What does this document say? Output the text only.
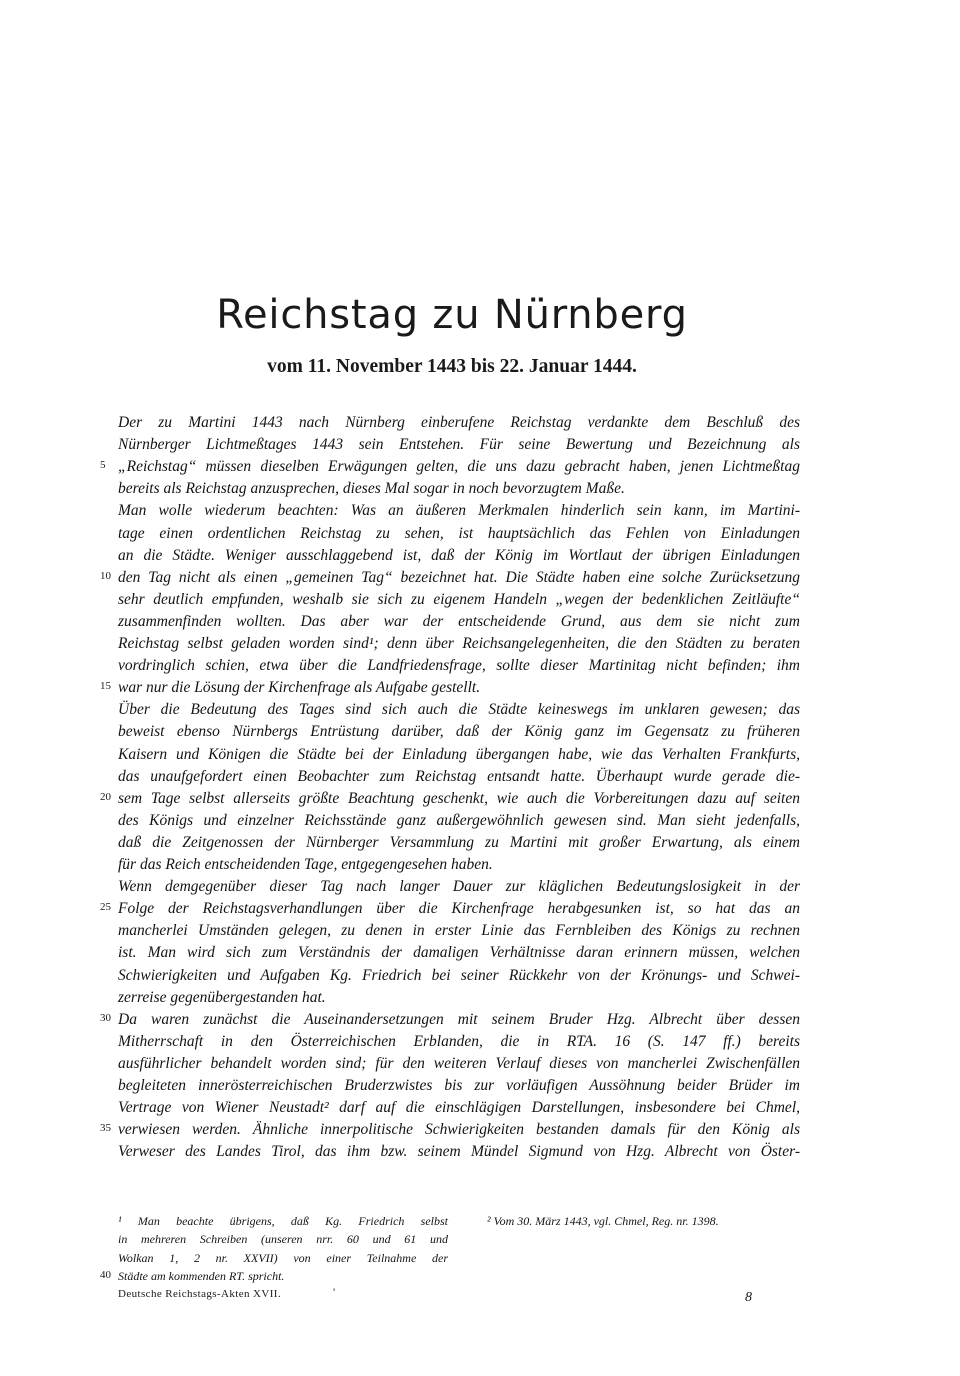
Reichstag zu Nürnberg
vom 11. November 1443 bis 22. Januar 1444.
Der zu Martini 1443 nach Nürnberg einberufene Reichstag verdankte dem Beschluß des
Nürnberger Lichtmeßtages 1443 sein Entstehen. Für seine Bewertung und Bezeichnung als
„Reichstag“ müssen dieselben Erwägungen gelten, die uns dazu gebracht haben, jenen Lichtmeßtag
5
bereits als Reichstag anzusprechen, dieses Mal sogar in noch bevorzugtem Maße.
Man wolle wiederum beachten: Was an äußeren Merkmalen hinderlich sein kann, im Martini-
tage einen ordentlichen Reichstag zu sehen, ist hauptsächlich das Fehlen von Einladungen
an die Städte. Weniger ausschlaggebend ist, daß der König im Wortlaut der übrigen Einladungen
den Tag nicht als einen „gemeinen Tag“ bezeichnet hat. Die Städte haben eine solche Zurücksetzung
10
sehr deutlich empfunden, weshalb sie sich zu eigenem Handeln „wegen der bedenklichen Zeitläufte“
zusammenfinden wollten. Das aber war der entscheidende Grund, aus dem sie nicht zum
Reichstag selbst geladen worden sind¹; denn über Reichsangelegenheiten, die den Städten zu beraten
vordringlich schien, etwa über die Landfriedensfrage, sollte dieser Martinitag nicht befinden; ihm
war nur die Lösung der Kirchenfrage als Aufgabe gestellt.
15
Über die Bedeutung des Tages sind sich auch die Städte keineswegs im unklaren gewesen; das
beweist ebenso Nürnbergs Entrüstung darüber, daß der König ganz im Gegensatz zu früheren
Kaisern und Königen die Städte bei der Einladung übergangen habe, wie das Verhalten Frankfurts,
das unaufgefordert einen Beobachter zum Reichstag entsandt hatte. Überhaupt wurde gerade die-
sem Tage selbst allerseits größte Beachtung geschenkt, wie auch die Vorbereitungen dazu auf seiten
20
des Königs und einzelner Reichsstände ganz außergewöhnlich gewesen sind. Man sieht jedenfalls,
daß die Zeitgenossen der Nürnberger Versammlung zu Martini mit großer Erwartung, als einem
für das Reich entscheidenden Tage, entgegengesehen haben.
Wenn demgegenüber dieser Tag nach langer Dauer zur kläglichen Bedeutungslosigkeit in der
Folge der Reichstagsverhandlungen über die Kirchenfrage herabgesunken ist, so hat das an
25
mancherlei Umständen gelegen, zu denen in erster Linie das Fernbleiben des Königs zu rechnen
ist. Man wird sich zum Verständnis der damaligen Verhältnisse daran erinnern müssen, welchen
Schwierigkeiten und Aufgaben Kg. Friedrich bei seiner Rückkehr von der Krönungs- und Schwei-
zerreise gegenübergestanden hat.
Da waren zunächst die Auseinandersetzungen mit seinem Bruder Hzg. Albrecht über dessen
30
Mitherrschaft in den Österreichischen Erblanden, die in RTA. 16 (S. 147 ff.) bereits
ausführlicher behandelt worden sind; für den weiteren Verlauf dieses von mancherlei Zwischenfällen
begleiteten innerösterreichischen Bruderzwistes bis zur vorläufigen Aussöhnung beider Brüder im
Vertrage von Wiener Neustadt² darf auf die einschlägigen Darstellungen, insbesondere bei Chmel,
verwiesen werden. Ähnliche innerpolitische Schwierigkeiten bestanden damals für den König als
35
Verweser des Landes Tirol, das ihm bzw. seinem Mündel Sigmund von Hzg. Albrecht von Öster-
¹ Man beachte übrigens, daß Kg. Friedrich selbst
in mehreren Schreiben (unseren nrr. 60 und 61 und
Wolkan 1, 2 nr. XXVII) von einer Teilnahme der
Städte am kommenden RT. spricht.
40
² Vom 30. März 1443, vgl. Chmel, Reg. nr. 1398.
Deutsche Reichstags-Akten XVII.	'	8
